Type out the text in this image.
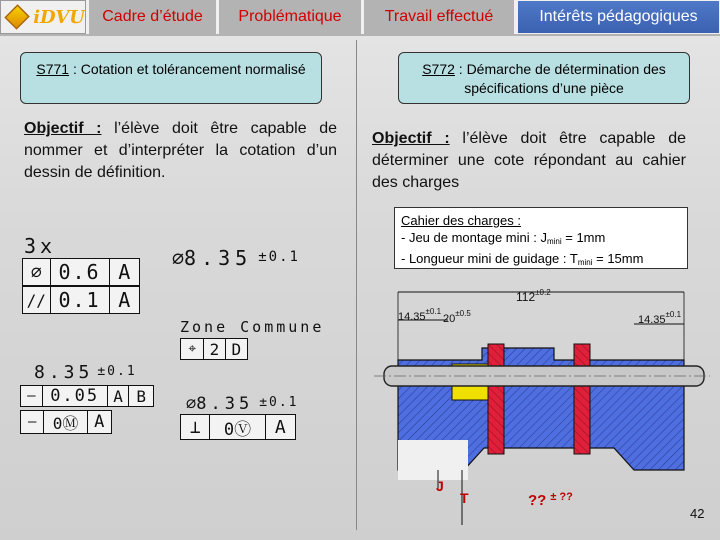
iDVU	Cadre d’étude	Problématique	Travail effectué	Intérêts pédagogiques
S771 : Cotation et tolérancement normalisé
Objectif : l’élève doit être capable de nommer et d’interpréter la cotation d’un dessin de définition.
S772 : Démarche de détermination des spécifications d’une pièce
Objectif : l’élève doit être capable de déterminer une cote répondant au cahier des charges
Cahier des charges :
- Jeu de montage mini : $J_{mini} = 1mm$
- Longueur mini de guidage : $T_{mini} = 15mm$
3x
⌀ 0.6 A
// 0.1 A
⌀ 8.35 ±0.1
Zone Commune
⌖ 2 D
8.35 ±0.1
— 0.05 A B
—	0Ⓜ A
⌀ 8.35 ±0.1
⊥	0Ⓥ	A
$14.35^{\pm 0.1}$
$20^{\pm 0.5}$
$112^{\pm 0.2}$
$14.35^{\pm 0.1}$
J
T	?? ± ??
42
